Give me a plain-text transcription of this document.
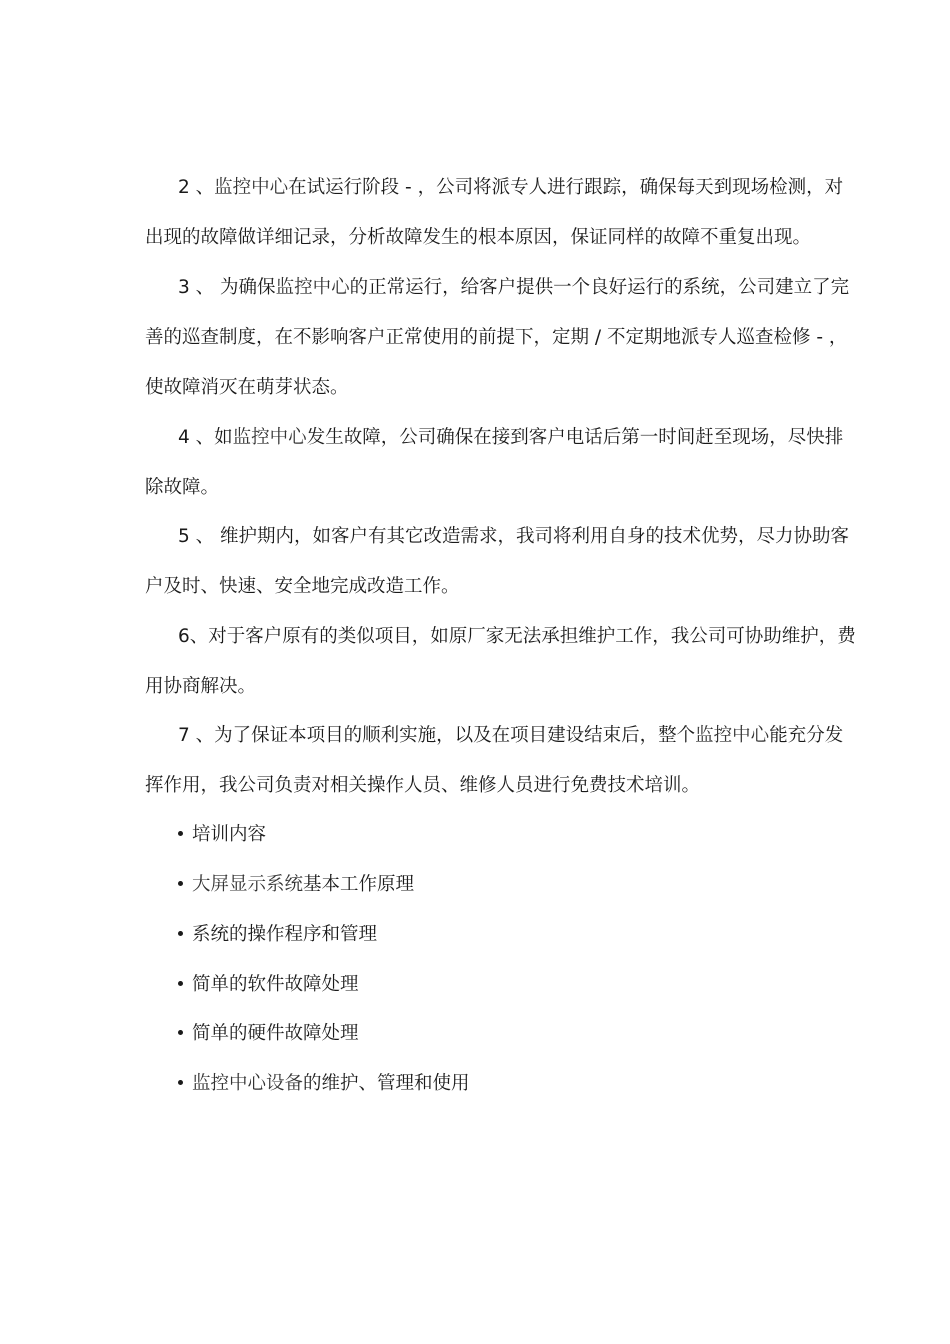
2 、监控中心在试运行阶段 - ，公司将派专人进行跟踪，确保每天到现场检测，对出现的故障做详细记录，分析故障发生的根本原因，保证同样的故障不重复出现。

3 、 为确保监控中心的正常运行，给客户提供一个良好运行的系统，公司建立了完善的巡查制度，在不影响客户正常使用的前提下，定期 / 不定期地派专人巡查检修 - ，使故障消灭在萌芽状态。

4 、如监控中心发生故障，公司确保在接到客户电话后第一时间赶至现场，尽快排除故障。

5 、 维护期内，如客户有其它改造需求，我司将利用自身的技术优势，尽力协助客户及时、快速、安全地完成改造工作。

6、对于客户原有的类似项目，如原厂家无法承担维护工作，我公司可协助维护，费用协商解决。

7 、为了保证本项目的顺利实施，以及在项目建设结束后，整个监控中心能充分发挥作用，我公司负责对相关操作人员、维修人员进行免费技术培训。

培训内容

大屏显示系统基本工作原理

系统的操作程序和管理

简单的软件故障处理

简单的硬件故障处理

监控中心设备的维护、管理和使用
